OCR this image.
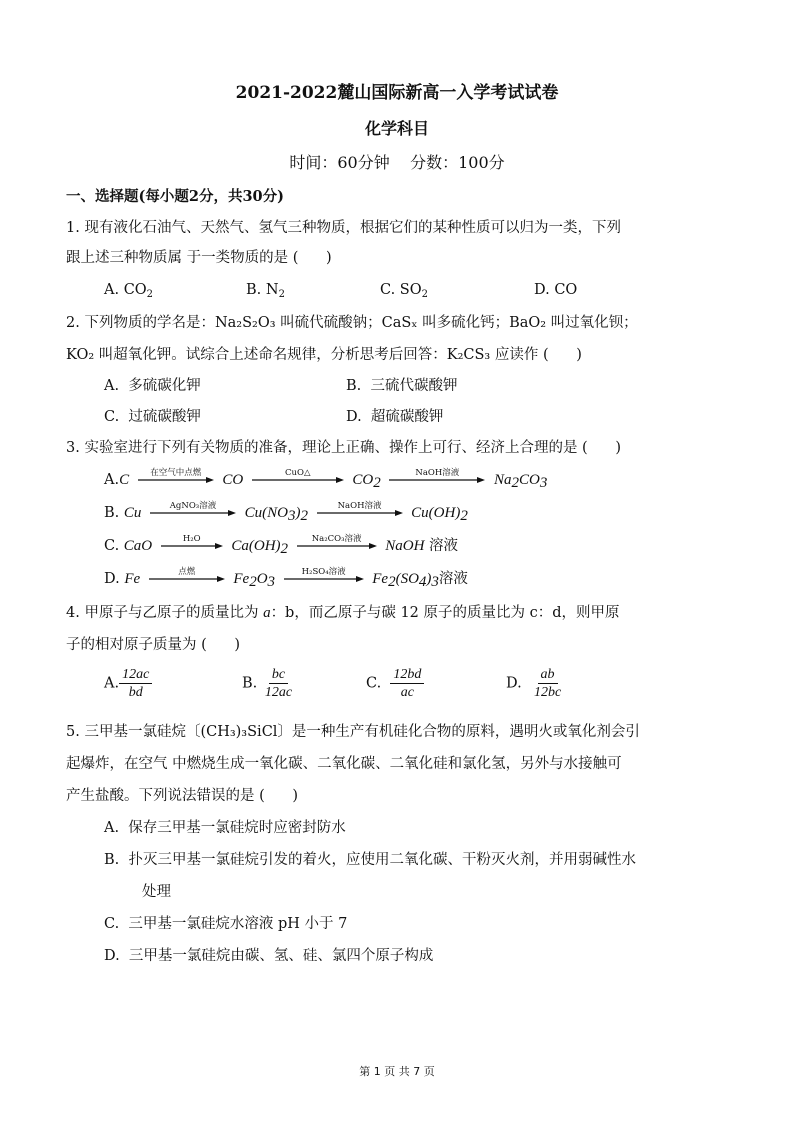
2021-2022麓山国际新高一入学考试试卷
化学科目
时间：60分钟    分数：100分
一、选择题(每小题2分，共30分)
1. 现有液化石油气、天然气、氢气三种物质，根据它们的某种性质可以归为一类，下列
跟上述三种物质属 于一类物质的是 (      )
A. $CO_2$	B. $N_2$	C. $SO_2$	D. CO
2. 下列物质的学名是：Na₂S₂O₃ 叫硫代硫酸钠；CaSₓ 叫多硫化钙；BaO₂ 叫过氧化钡；
KO₂ 叫超氧化钾。试综合上述命名规律，分析思考后回答：K₂CS₃ 应读作 (      )
A.  多硫碳化钾	B.  三硫代碳酸钾
C.  过硫碳酸钾	D.  超硫碳酸钾
3. 实验室进行下列有关物质的准备，理论上正确、操作上可行、经济上合理的是 (      )
A.C	在空气中点燃	CO	CuO△	$CO_2$
NaOH溶液	$Na_2CO_3$
B. Cu	AgNO₃溶液	$Cu(NO_3)_2$
NaOH溶液	$Cu(OH)_2$
C. CaO	H₂O	$Ca(OH)_2$
Na₂CO₃溶液	NaOH 溶液
D. Fe	点燃	$Fe_2O_3$
H₂SO₄溶液	$Fe_2(SO_4)_3$溶液
4. 甲原子与乙原子的质量比为 a：b，而乙原子与碳 12 原子的质量比为 c：d，则甲原
子的相对原子质量为 (      )
A. $\frac{12ac}{bd}$	B. $\frac{bc}{12ac}$	C. $\frac{12bd}{ac}$	D. $\frac{ab}{12bc}$
5. 三甲基一氯硅烷〔(CH₃)₃SiCl〕是一种生产有机硅化合物的原料，遇明火或氧化剂会引
起爆炸，在空气 中燃烧生成一氧化碳、二氧化碳、二氧化硅和氯化氢，另外与水接触可
产生盐酸。下列说法错误的是 (      )
A.  保存三甲基一氯硅烷时应密封防水
B.  扑灭三甲基一氯硅烷引发的着火，应使用二氧化碳、干粉灭火剂，并用弱碱性水
处理
C.  三甲基一氯硅烷水溶液 pH 小于 7
D.  三甲基一氯硅烷由碳、氢、硅、氯四个原子构成
第 1 页 共 7 页
